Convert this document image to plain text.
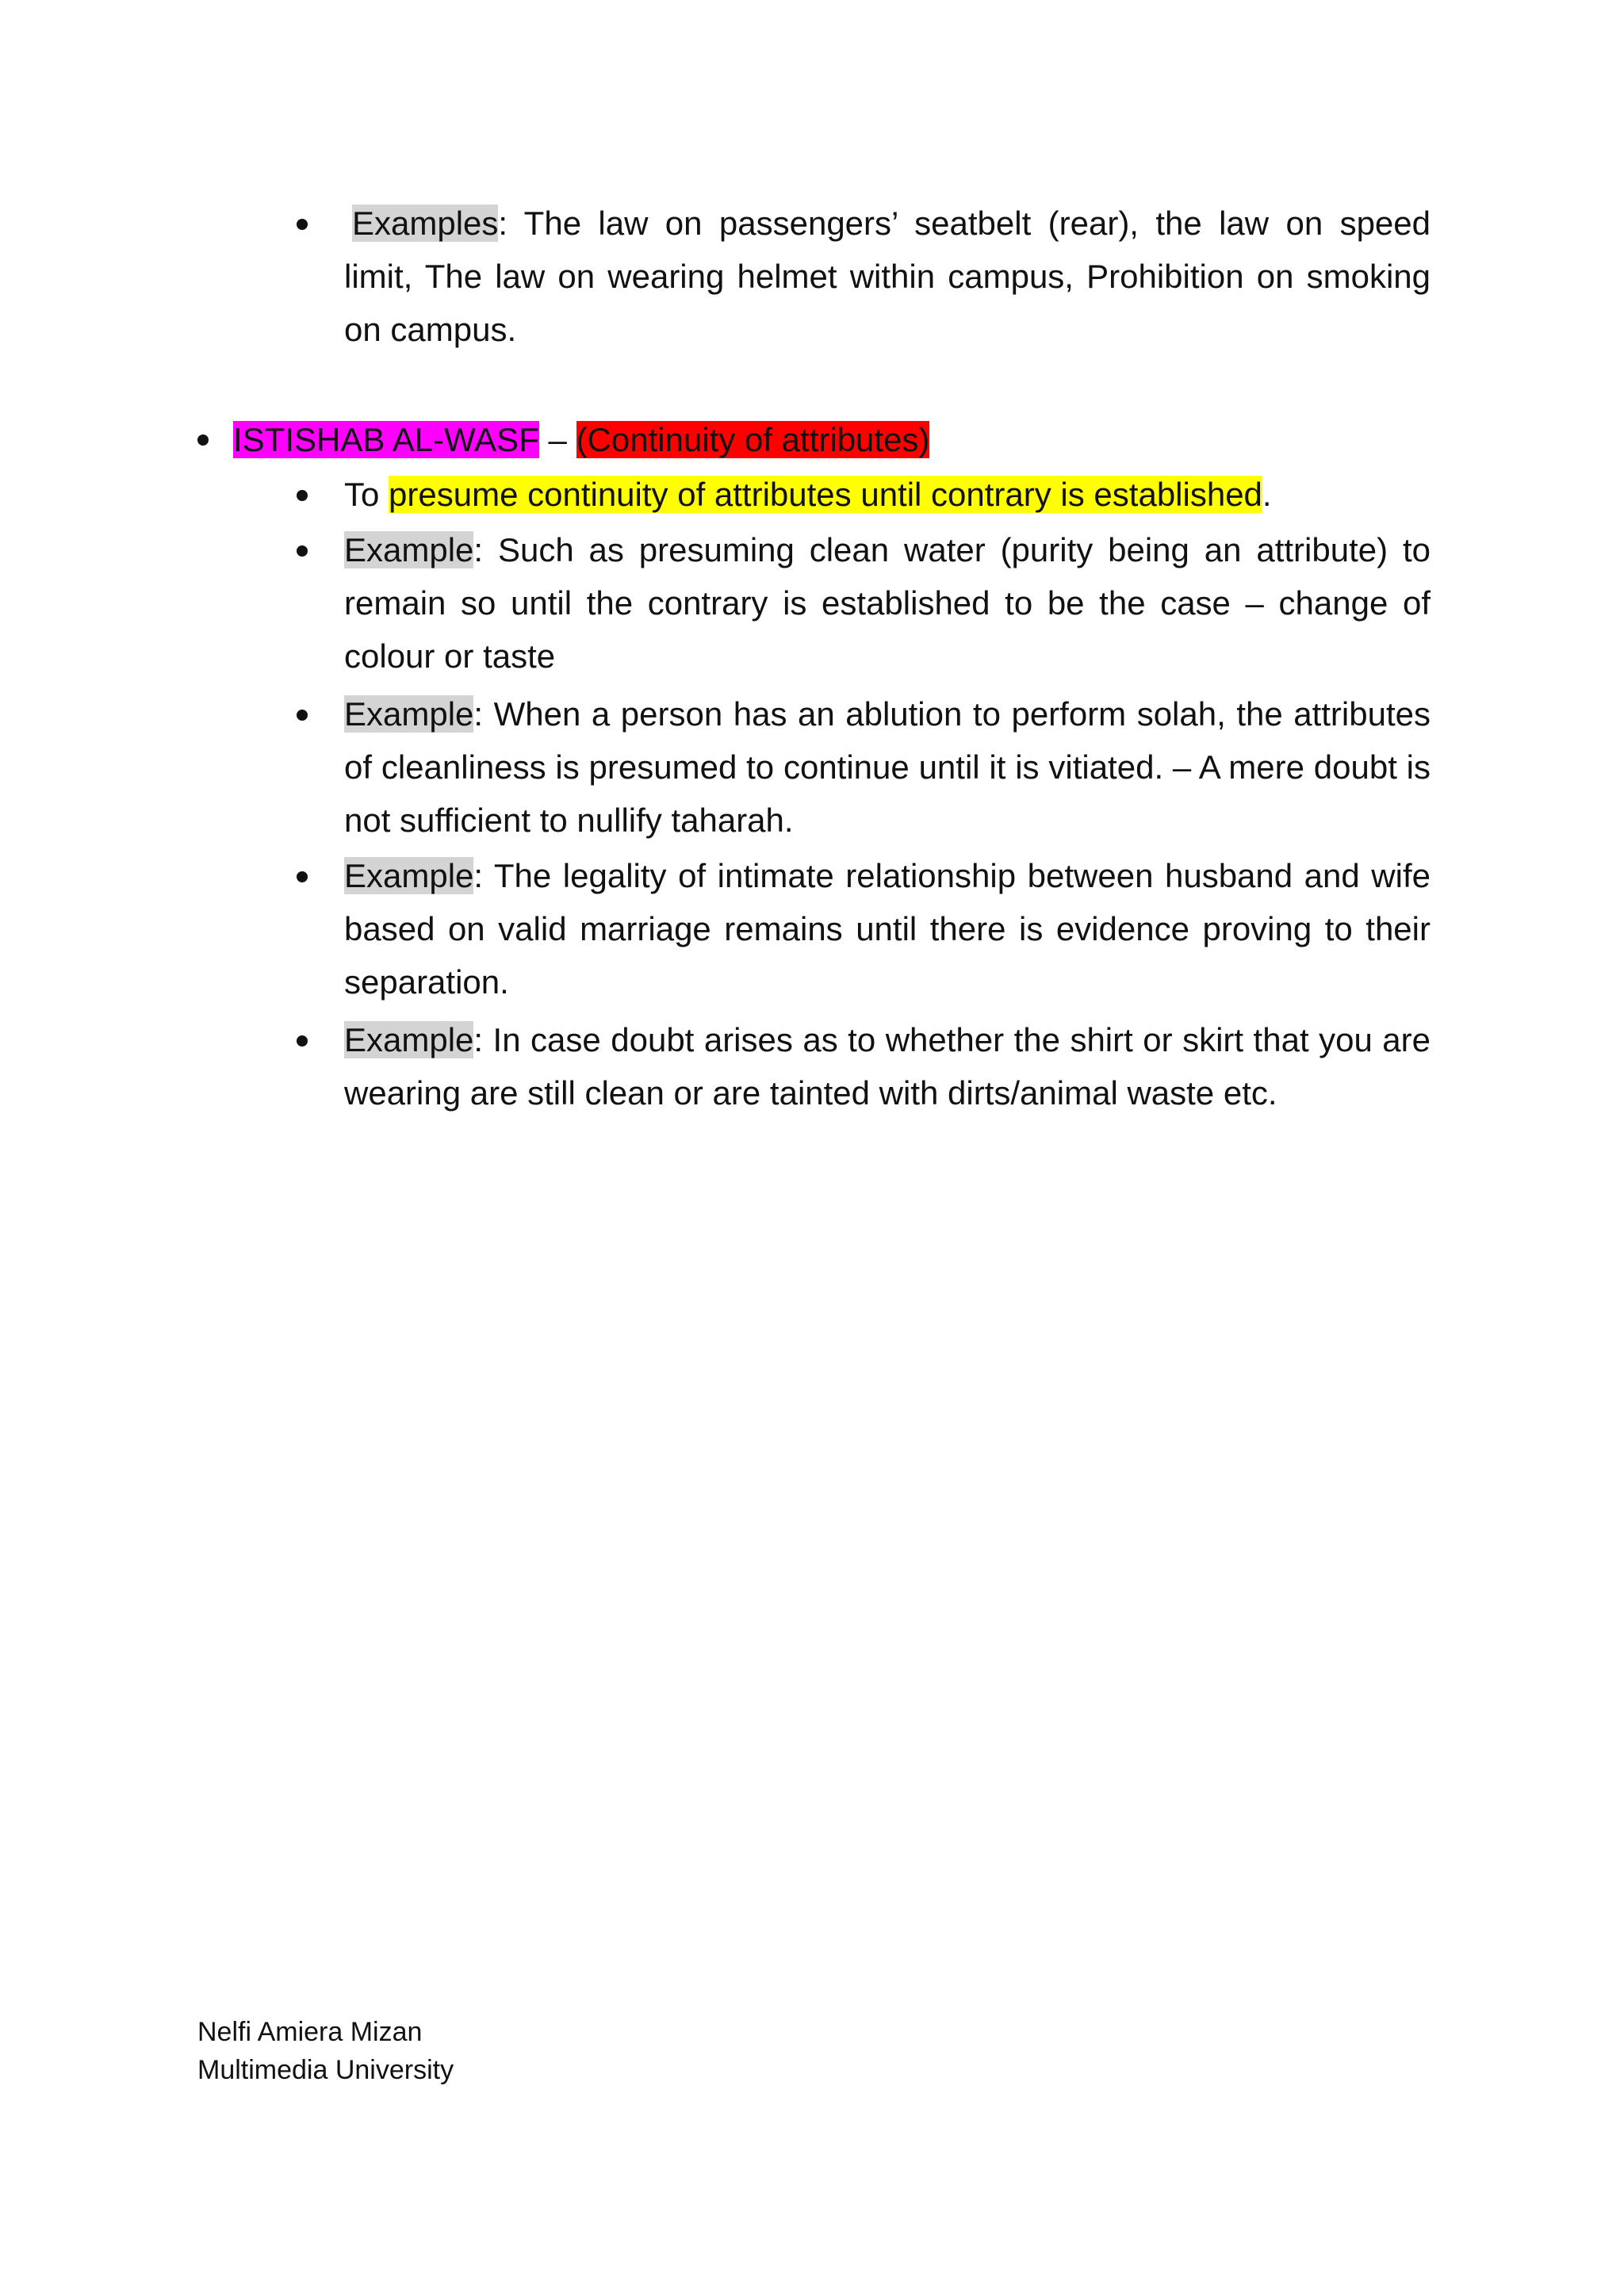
Examples: The law on passengers’ seatbelt (rear), the law on speed limit, The law on wearing helmet within campus, Prohibition on smoking on campus.
ISTISHAB AL-WASF – (Continuity of attributes)
To presume continuity of attributes until contrary is established.
Example: Such as presuming clean water (purity being an attribute) to remain so until the contrary is established to be the case – change of colour or taste
Example: When a person has an ablution to perform solah, the attributes of cleanliness is presumed to continue until it is vitiated. – A mere doubt is not sufficient to nullify taharah.
Example: The legality of intimate relationship between husband and wife based on valid marriage remains until there is evidence proving to their separation.
Example: In case doubt arises as to whether the shirt or skirt that you are wearing are still clean or are tainted with dirts/animal waste etc.
Nelfi Amiera Mizan
Multimedia University
